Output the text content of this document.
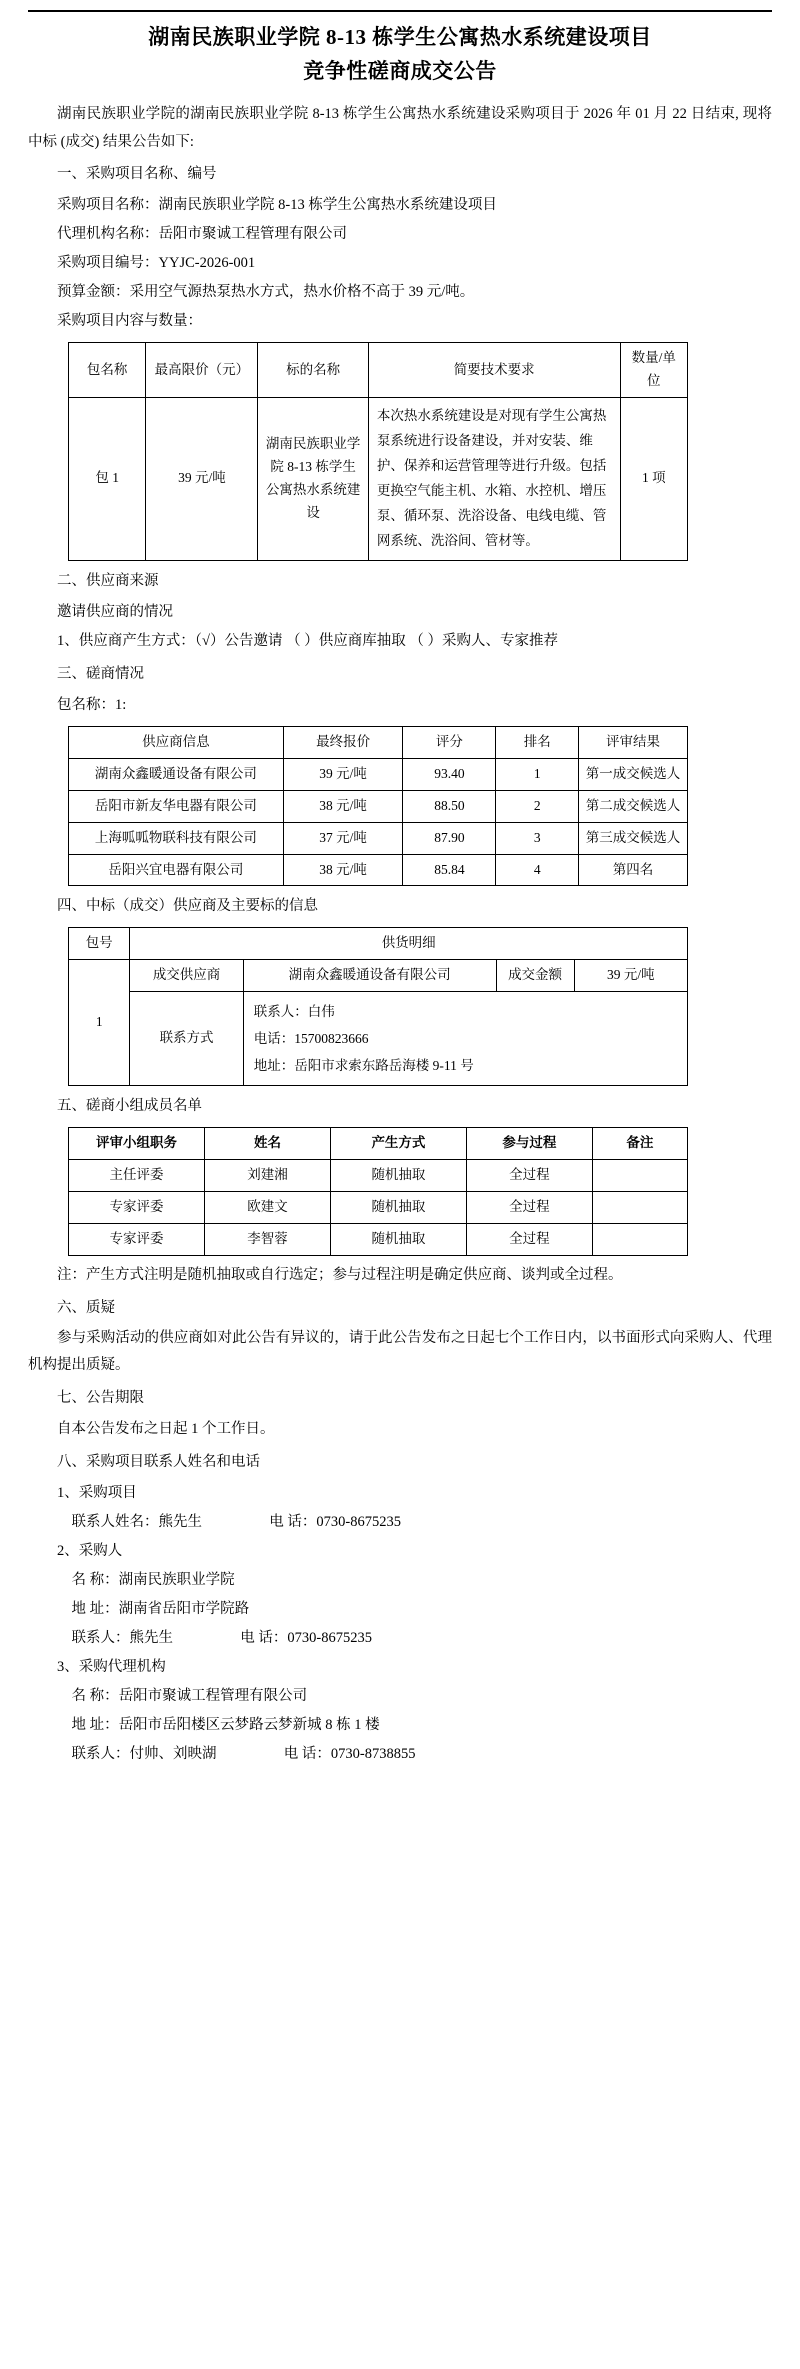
湖南民族职业学院 8-13 栋学生公寓热水系统建设项目
竞争性磋商成交公告

湖南民族职业学院的湖南民族职业学院 8-13 栋学生公寓热水系统建设采购项目于 2026 年 01 月 22 日结束, 现将中标 (成交) 结果公告如下:

一、采购项目名称、编号
采购项目名称：湖南民族职业学院 8-13 栋学生公寓热水系统建设项目
代理机构名称：岳阳市聚诚工程管理有限公司
采购项目编号：YYJC-2026-001
预算金额：采用空气源热泵热水方式，热水价格不高于 39 元/吨。
采购项目内容与数量：
包名称	最高限价（元）	标的名称	简要技术要求	数量/单位
包 1	39 元/吨	湖南民族职业学院 8-13 栋学生公寓热水系统建设	本次热水系统建设是对现有学生公寓热泵系统进行设备建设，并对安装、维护、保养和运营管理等进行升级。包括更换空气能主机、水箱、水控机、增压泵、循环泵、洗浴设备、电线电缆、管网系统、洗浴间、管材等。	1 项
二、供应商来源
邀请供应商的情况
1、供应商产生方式：（√）公告邀请 （ ）供应商库抽取 （ ）采购人、专家推荐
三、磋商情况
包名称：1:
供应商信息	最终报价	评分	排名	评审结果
湖南众鑫暖通设备有限公司	39 元/吨	93.40	1	第一成交候选人
岳阳市新友华电器有限公司	38 元/吨	88.50	2	第二成交候选人
上海呱呱物联科技有限公司	37 元/吨	87.90	3	第三成交候选人
岳阳兴宜电器有限公司	38 元/吨	85.84	4	第四名
四、中标（成交）供应商及主要标的信息
包号	供货明细			
1	成交供应商	湖南众鑫暖通设备有限公司	成交金额	39 元/吨
	联系方式	联系人：白伟
电话：15700823666
地址：岳阳市求索东路岳海楼 9-11 号		
五、磋商小组成员名单
评审小组职务	姓名	产生方式	参与过程	备注
主任评委	刘建湘	随机抽取	全过程	
专家评委	欧建文	随机抽取	全过程	
专家评委	李智蓉	随机抽取	全过程	
注：产生方式注明是随机抽取或自行选定；参与过程注明是确定供应商、谈判或全过程。
六、质疑

参与采购活动的供应商如对此公告有异议的，请于此公告发布之日起七个工作日内，以书面形式向采购人、代理机构提出质疑。

七、公告期限
自本公告发布之日起 1 个工作日。
八、采购项目联系人姓名和电话
1、采购项目
联系人姓名：熊先生	电 话：0730-8675235
2、采购人
名 称：湖南民族职业学院
地 址：湖南省岳阳市学院路
联系人：熊先生	电 话：0730-8675235
3、采购代理机构
名 称：岳阳市聚诚工程管理有限公司
地 址：岳阳市岳阳楼区云梦路云梦新城 8 栋 1 楼
联系人：付帅、刘映湖	电 话：0730-8738855
